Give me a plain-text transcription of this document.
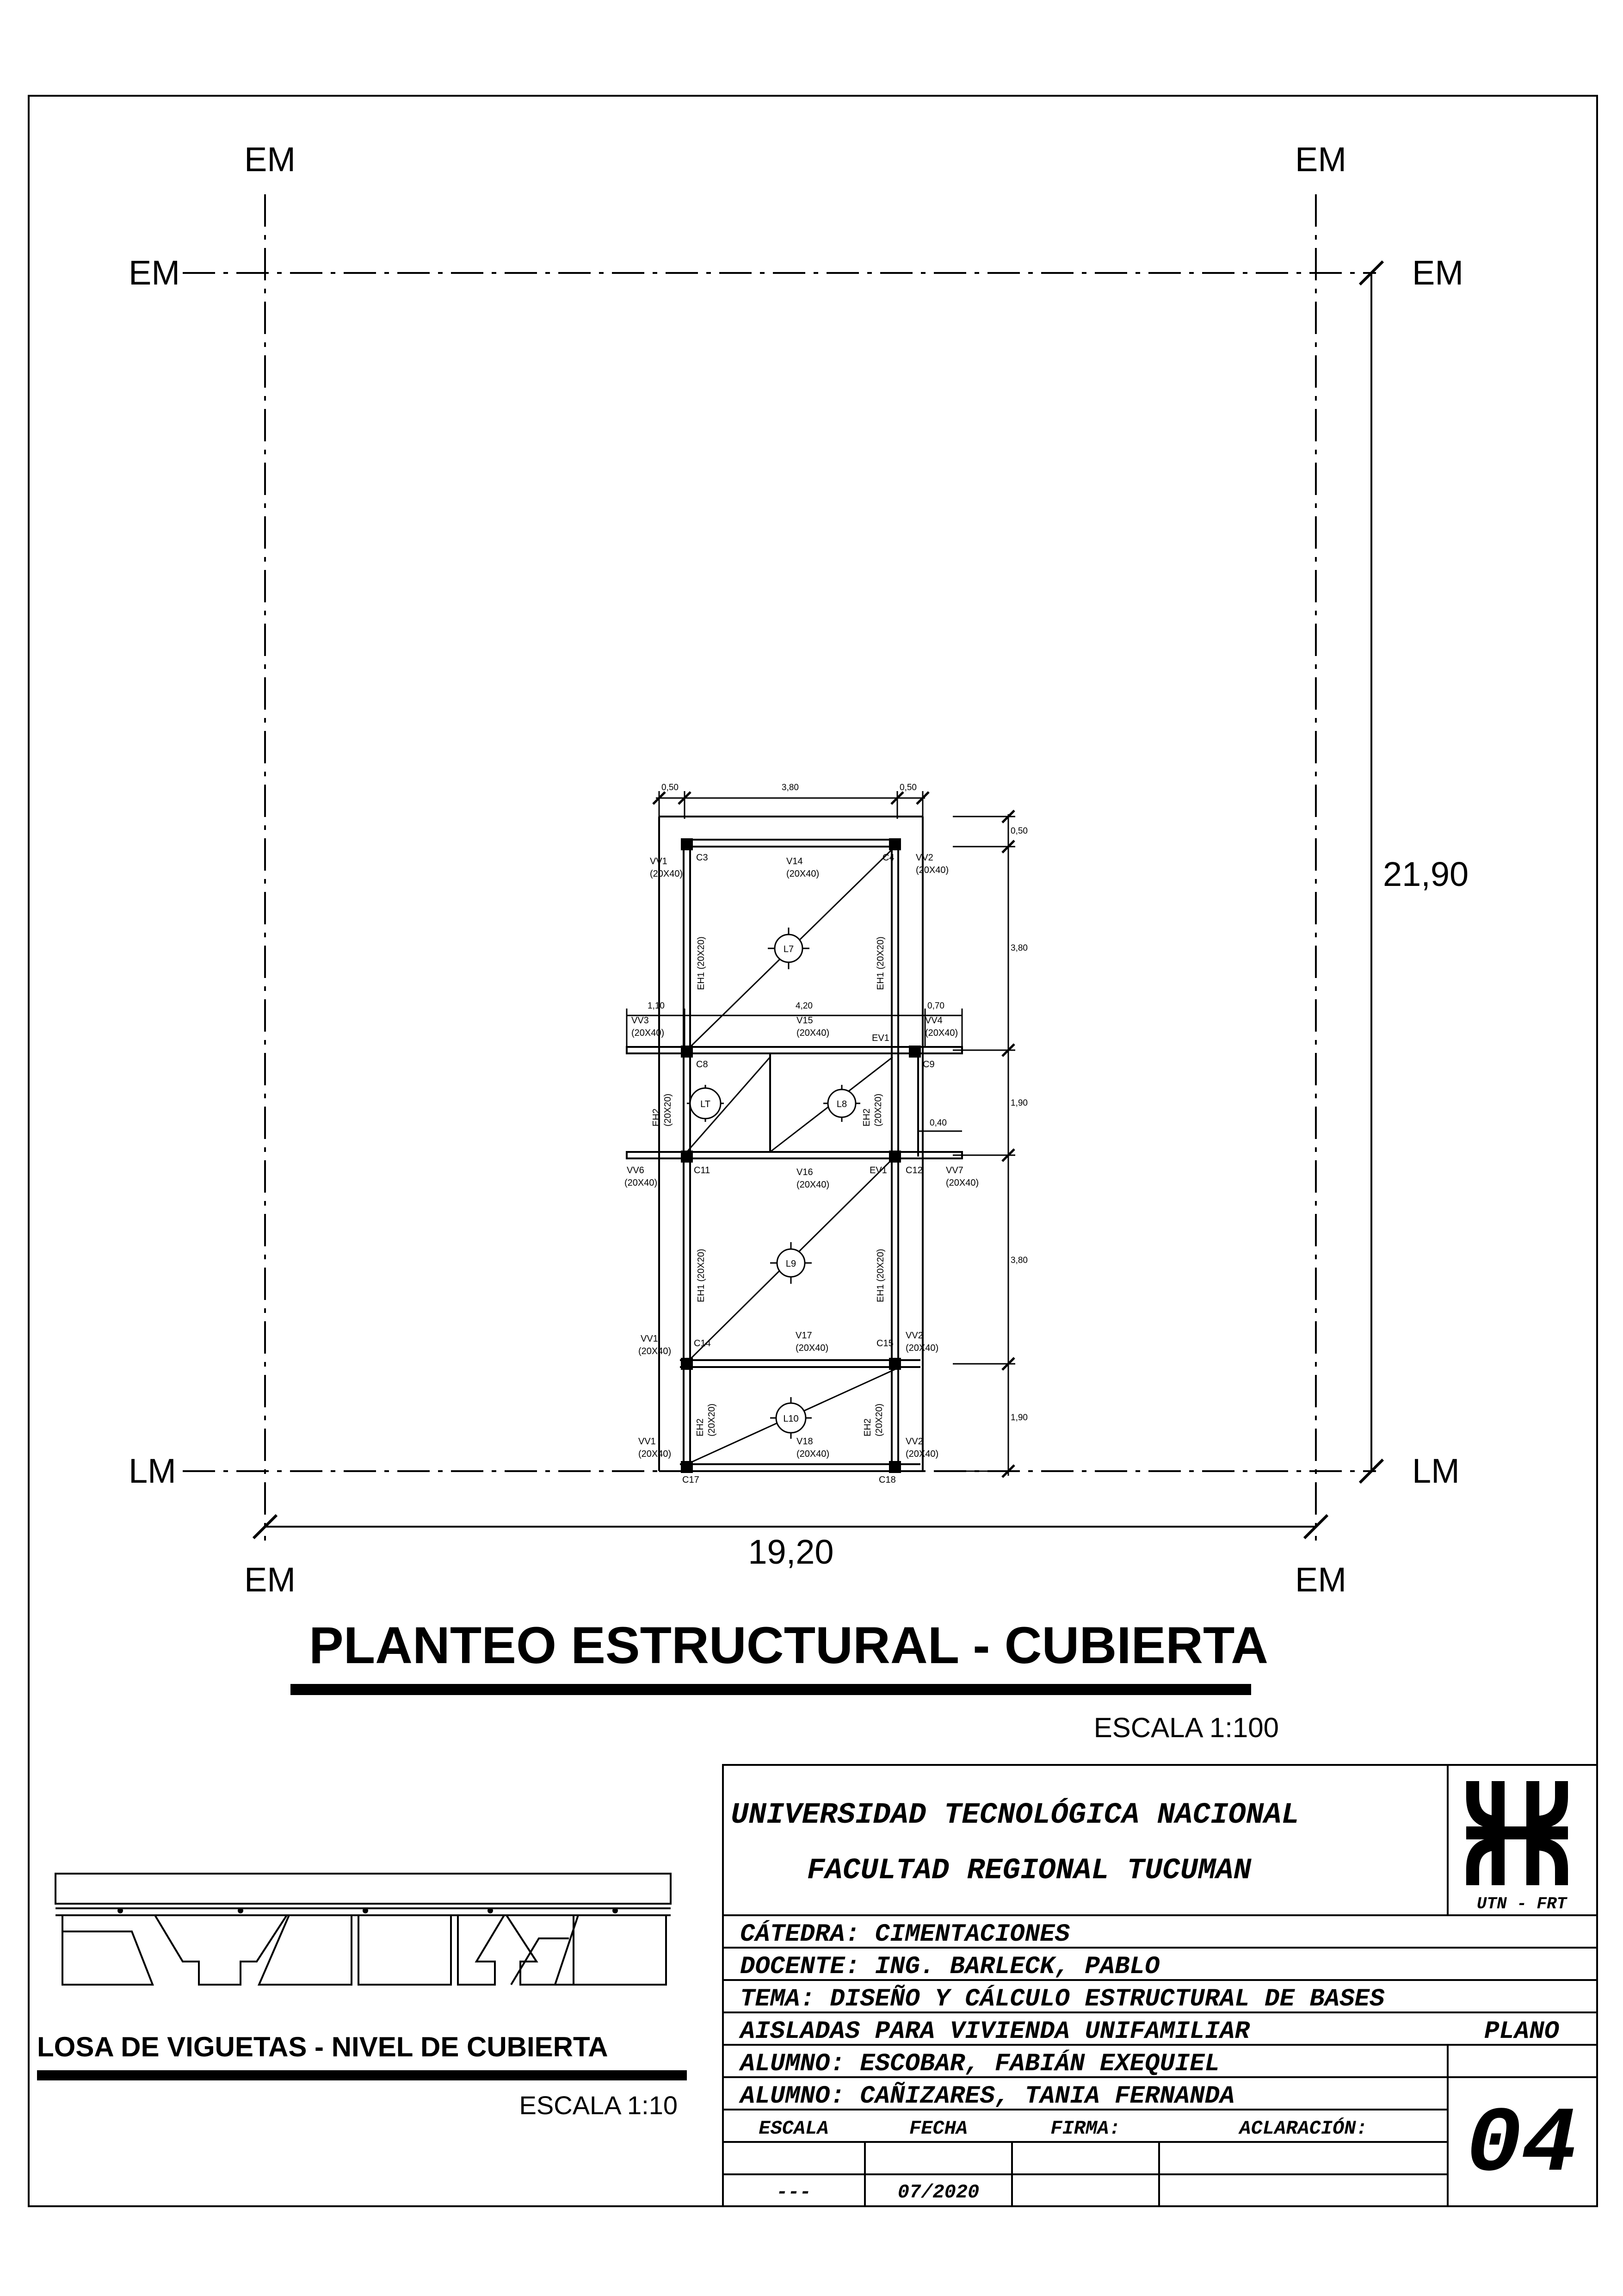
EM	EM
EM	EM
LM	LM
EM	EM
19,20
21,90
L7
LT	L8
L9
L10
C3	C4
C8	C9
C11	C12
C14	C15
C17	C18
VV1
(20X40)
V14
(20X40)
VV2
(20X40)
VV3
(20X40)
V15
(20X40)	EV1
VV4
(20X40)
VV6
(20X40)
V16
(20X40)
EV1	VV7
(20X40)
VV1
(20X40)
V17
(20X40)
VV2
(20X40)
VV1
(20X40)
V18
(20X40)
VV2
(20X40)
EH1 (20X20)	EH1 (20X20)
EH1 (20X20)	EH1 (20X20)
EH2 (20X20)	EH2 (20X20)
EH2 (20X20)	EH2 (20X20)
0,50	3,80	0,50
1,10	4,20	0,70
0,40
0,50
3,80
1,90
3,80
1,90
PLANTEO ESTRUCTURAL - CUBIERTA
ESCALA 1:100
LOSA DE VIGUETAS - NIVEL DE CUBIERTA
ESCALA 1:10
UTN - FRT
UNIVERSIDAD TECNOLÓGICA NACIONAL
FACULTAD REGIONAL TUCUMAN
CÁTEDRA: CIMENTACIONES
DOCENTE: ING. BARLECK, PABLO
TEMA: DISEÑO Y CÁLCULO ESTRUCTURAL DE BASES
AISLADAS PARA VIVIENDA UNIFAMILIAR	PLANO
ALUMNO: ESCOBAR, FABIÁN EXEQUIEL
ALUMNO: CAÑIZARES, TANIA FERNANDA	04
ESCALA	FECHA	FIRMA:	ACLARACIÓN:
---	07/2020
